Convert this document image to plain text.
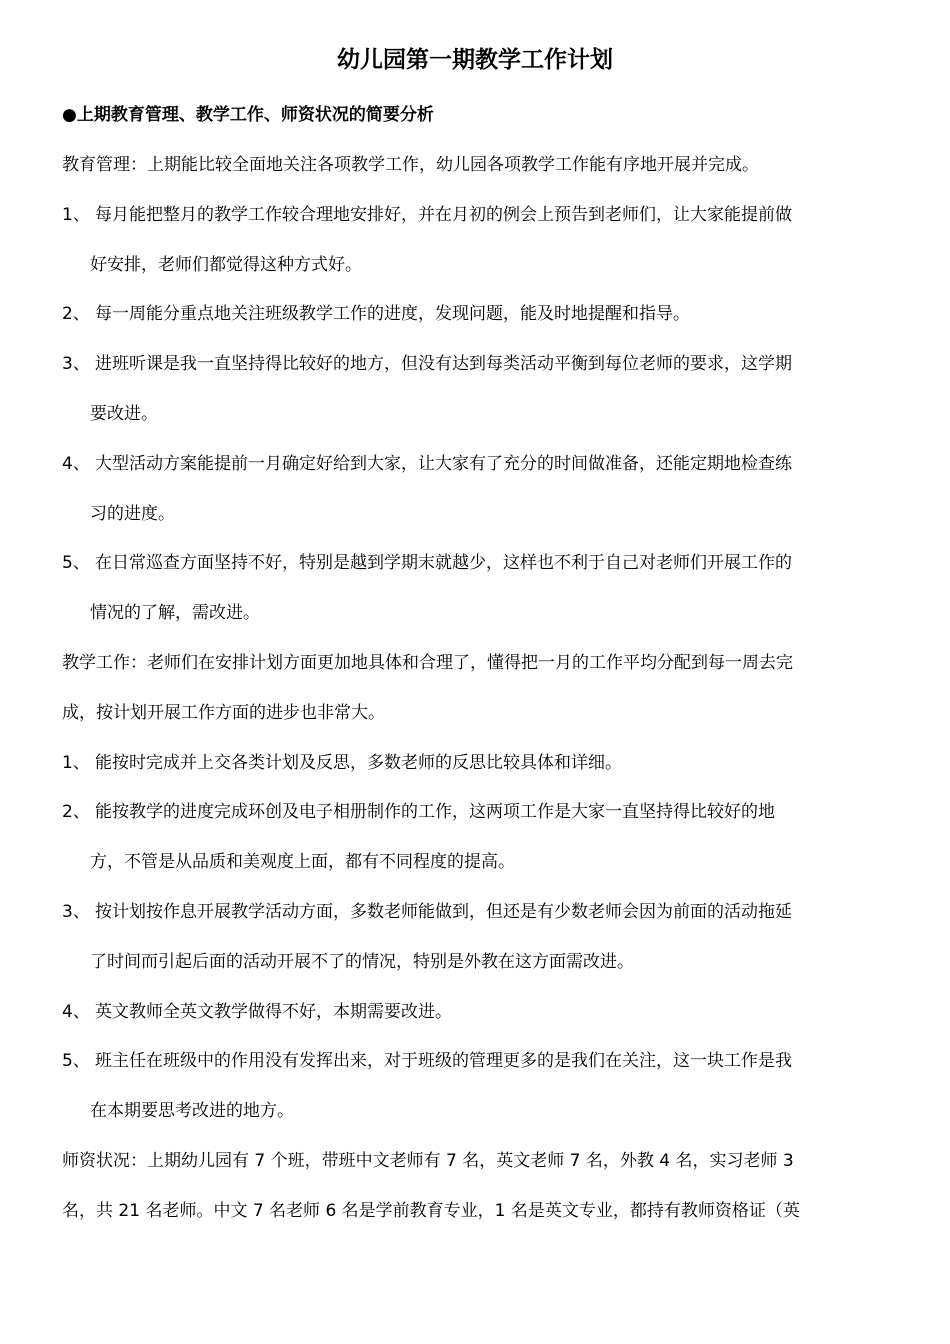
幼儿园第一期教学工作计划
●上期教育管理、教学工作、师资状况的简要分析
教育管理：上期能比较全面地关注各项教学工作，幼儿园各项教学工作能有序地开展并完成。
1、 每月能把整月的教学工作较合理地安排好，并在月初的例会上预告到老师们，让大家能提前做
好安排，老师们都觉得这种方式好。
2、 每一周能分重点地关注班级教学工作的进度，发现问题，能及时地提醒和指导。
3、 进班听课是我一直坚持得比较好的地方，但没有达到每类活动平衡到每位老师的要求，这学期
要改进。
4、 大型活动方案能提前一月确定好给到大家，让大家有了充分的时间做准备，还能定期地检查练
习的进度。
5、 在日常巡查方面坚持不好，特别是越到学期末就越少，这样也不利于自己对老师们开展工作的
情况的了解，需改进。
教学工作：老师们在安排计划方面更加地具体和合理了，懂得把一月的工作平均分配到每一周去完
成，按计划开展工作方面的进步也非常大。
1、 能按时完成并上交各类计划及反思，多数老师的反思比较具体和详细。
2、 能按教学的进度完成环创及电子相册制作的工作，这两项工作是大家一直坚持得比较好的地
方，不管是从品质和美观度上面，都有不同程度的提高。
3、 按计划按作息开展教学活动方面，多数老师能做到，但还是有少数老师会因为前面的活动拖延
了时间而引起后面的活动开展不了的情况，特别是外教在这方面需改进。
4、 英文教师全英文教学做得不好，本期需要改进。
5、 班主任在班级中的作用没有发挥出来，对于班级的管理更多的是我们在关注，这一块工作是我
在本期要思考改进的地方。
师资状况：上期幼儿园有 7 个班，带班中文老师有 7 名，英文老师 7 名，外教 4 名，实习老师 3
名，共 21 名老师。中文 7 名老师 6 名是学前教育专业，1 名是英文专业，都持有教师资格证（英
